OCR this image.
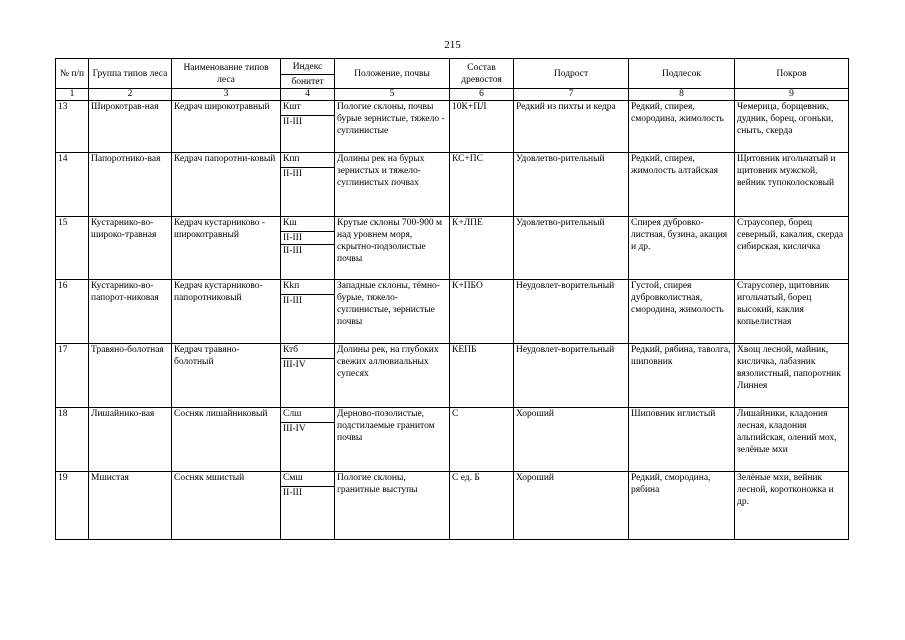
215
№ п/п	Группа типов леса	Наименование типов леса	Индекс	Положение, почвы	Состав древостоя	Подрост	Подлесок	Покров
			бонитет					
1	2	3	4	5	6	7	8	9
13	Широкотрав-ная	Кедрач широкотравный	Кшт	Пологие склоны, почвы бурые зернистые, тяжело - суглинистые	10К+ПЛ	Редкий из пихты и кедра	Редкий, спирея, смородина, жимолость	Чемерица, борщевник, дудник, борец, огоньки, сныть, скерда
			II-III					
14	Папоротнико-вая	Кедрач папоротни-ковый	Кпп	Долины рек на бурых зернистых и тяжело-суглинистых почвах	КС+ПС	Удовлетво-рительный	Редкий, спирея, жимолость алтайская	Щитовник игольчатый и щитовник мужской, вейник тупоколосковый
			II-III					
15	Кустарнико-во-широко-травная	Кедрач кустарниково - широкотравный	Кш	Крутые склоны 700-900 м над уровнем моря, скрытно-подзолистые почвы	К+ЛПЕ	Удовлетво-рительный	Спирея дубровко-листная, бузина, акация и др.	Страусопер, борец северный, какалия, скерда сибирская, кисличка
			II-III					
			II-III					
16	Кустарнико-во-папорот-никовая	Кедрач кустарниково-папоротниковый	Кkп	Западные склоны, тёмно-бурые, тяжело-суглинистые, зернистые почвы	К+ПБО	Неудовлет-ворительный	Густой, спирея дубровколистная, смородина, жимолость	Старусопер, щитовник игольчатый, борец высокий, каклия копьелистная
			II-III					
17	Травяно-болотная	Кедрач травяно-болотный	Ктб	Долины рек, на глубоких свежих аллювиальных супесях	КЕПБ	Неудовлет-ворительный	Редкий, рябина, таволга, шиповник	Хвощ лесной, майник, кисличка, лабазник вязолистный, папоротник Линнея
			III-IV					
18	Лишайнико-вая	Сосняк лишайниковый	Слш	Дерново-позолистые, подстилаемые гранитом почвы	С	Хороший	Шиповник иглистый	Лишайники, кладония лесная, кладония альпийская, олений мох, зелёные мхи
			III-IV					
19	Мшистая	Сосняк мшистый	Смш	Пологие склоны, гранитные выступы	С ед. Б	Хороший	Редкий, смородина, рябина	Зелёные мхи, вейник лесной, коротконожка и др.
			II-III					
